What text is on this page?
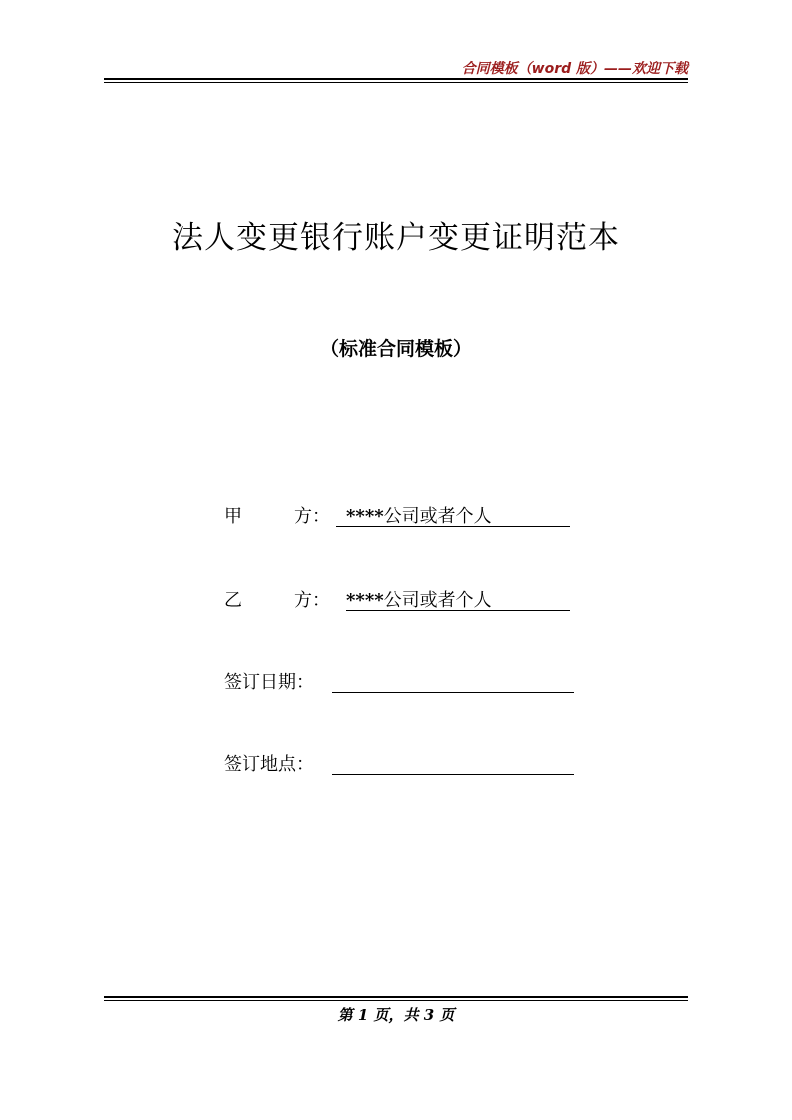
合同模板（word 版）——欢迎下载
法人变更银行账户变更证明范本
（标准合同模板）
甲	方： ****公司或者个人
乙	方： ****公司或者个人
签订日期：
签订地点：
第 1 页，共 3 页
